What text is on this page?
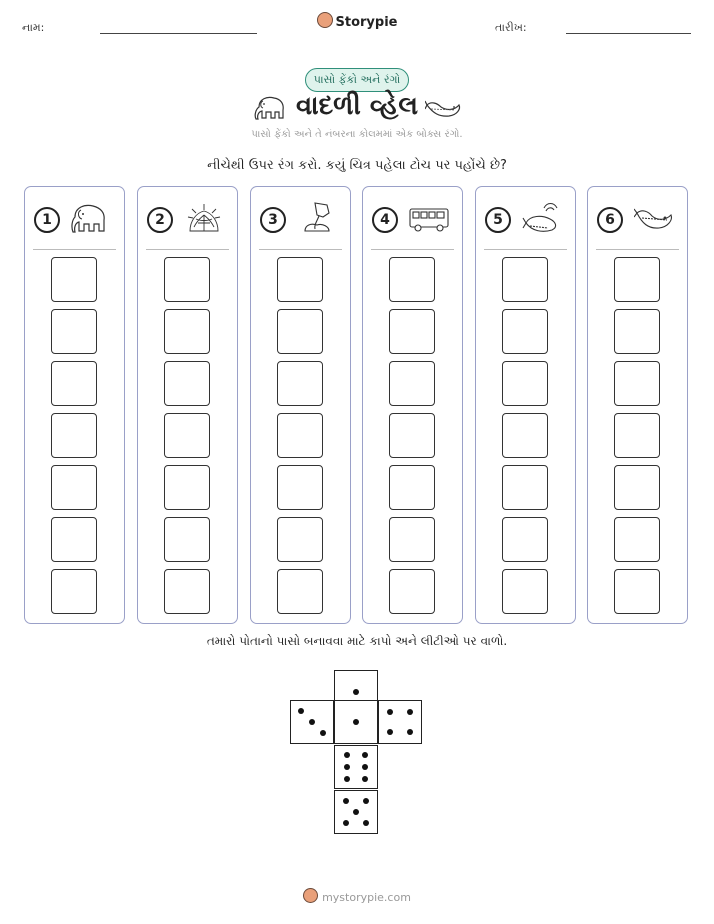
નામ:	Storypie	તારીખ:
પાસો ફેંકો અને રંગો
વાદળી વ્હેલ
પાસો ફેંકો અને તે નંબરના કોલમમાં એક બોક્સ રંગો.
નીચેથી ઉપર રંગ કરો. કયું ચિત્ર પહેલા ટોચ પર પહોંચે છે?
1	2	3	4	5	6
તમારો પોતાનો પાસો બનાવવા માટે કાપો અને લીટીઓ પર વાળો.
mystorypie.com
